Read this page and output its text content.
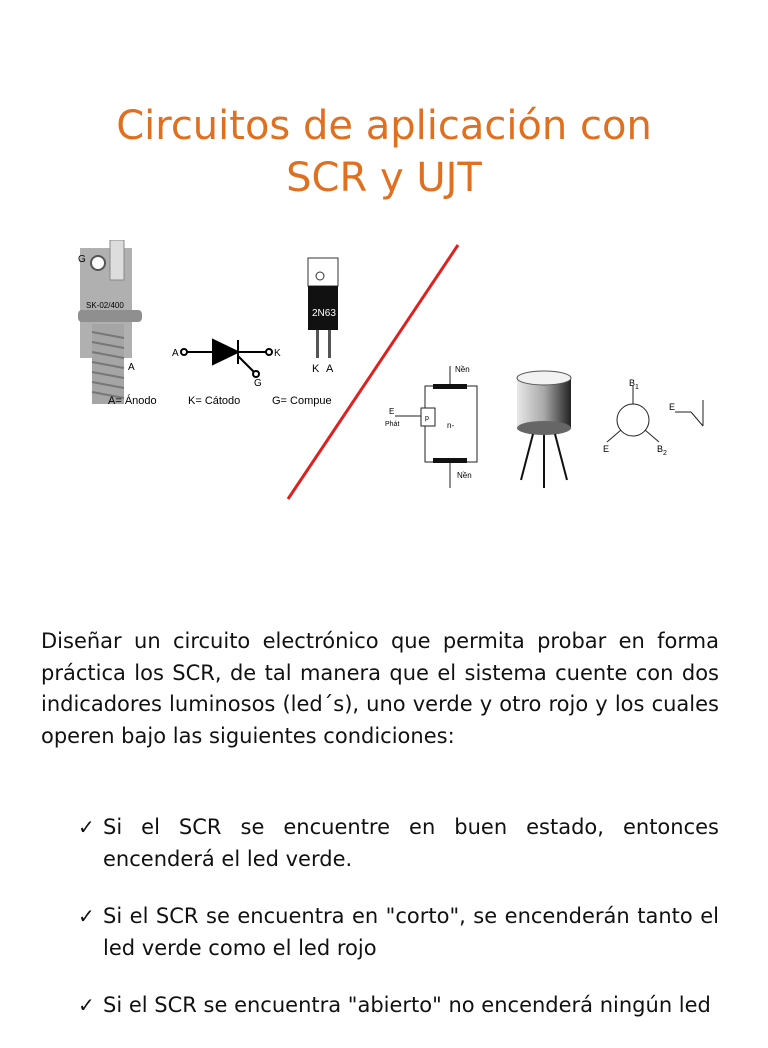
Circuitos de aplicación con
SCR y UJT
SK-02/400
G
A
A	K
G
2N63
K A
A= Ánodo	K= Cátodo	G= Compue
Nền
Nền
E
Phát	n-
p
$B_1$
$B_2$
E
E

Diseñar un circuito electrónico que permita probar en forma práctica los SCR, de tal manera que el sistema cuente con dos indicadores luminosos (led´s), uno verde y otro rojo y los cuales operen bajo las siguientes condiciones:

✓ Si el SCR se encuentre en buen estado, entonces encenderá el led verde.
✓ Si el SCR se encuentra en "corto", se encenderán tanto el led verde como el led rojo
✓ Si el SCR se encuentra "abierto" no encenderá ningún led
